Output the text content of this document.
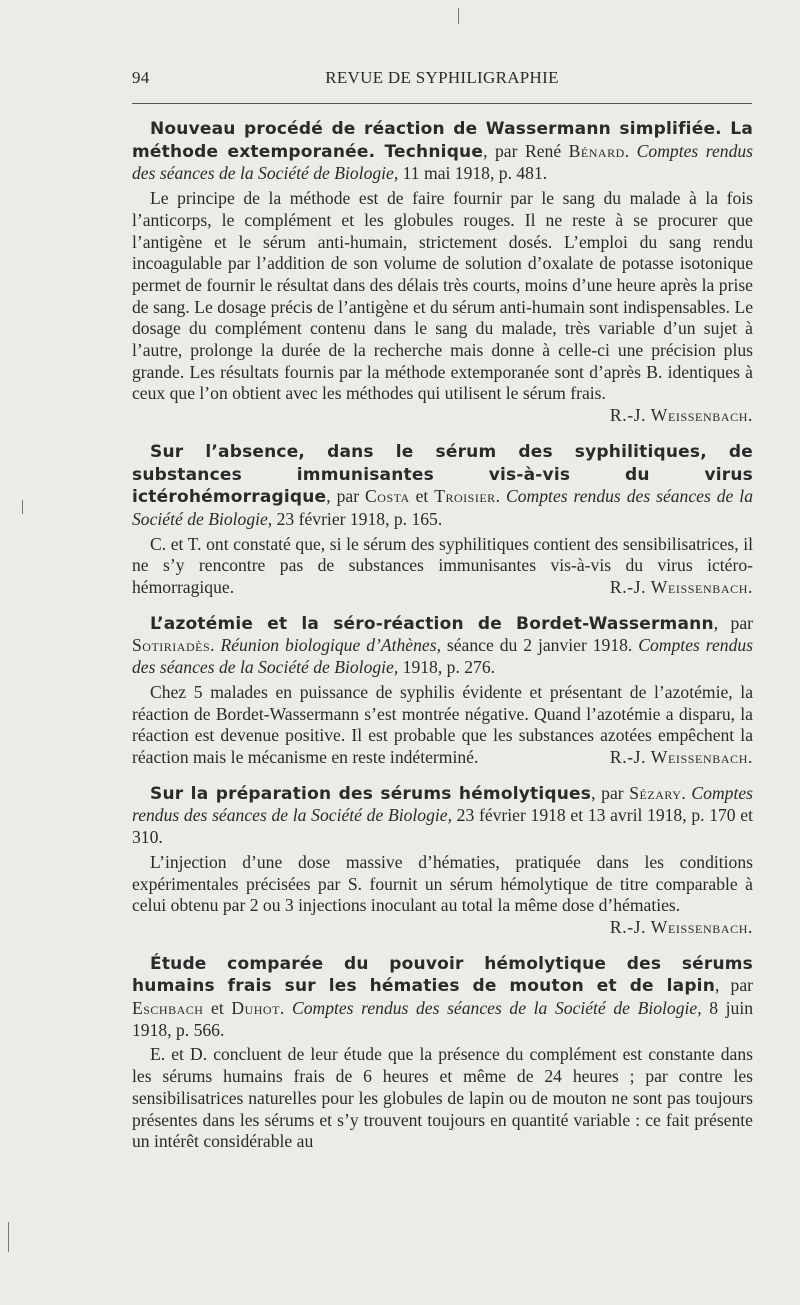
94	REVUE DE SYPHILIGRAPHIE

Nouveau procédé de réaction de Wassermann simplifiée. La méthode extemporanée. Technique, par René Bénard. Comptes rendus des séances de la Société de Biologie, 11 mai 1918, p. 481.

Le principe de la méthode est de faire fournir par le sang du malade à la fois l’anticorps, le complément et les globules rouges. Il ne reste à se procurer que l’antigène et le sérum anti-humain, strictement dosés. L’emploi du sang rendu incoagulable par l’addition de son volume de solution d’oxalate de potasse isotonique permet de fournir le résultat dans des délais très courts, moins d’une heure après la prise de sang. Le dosage précis de l’antigène et du sérum anti-humain sont indispensables. Le dosage du complément contenu dans le sang du malade, très variable d’un sujet à l’autre, prolonge la durée de la recherche mais donne à celle-ci une précision plus grande. Les résultats fournis par la méthode extemporanée sont d’après B. identiques à ceux que l’on obtient avec les méthodes qui utilisent le sérum frais.
R.-J. Weissenbach.

Sur l’absence, dans le sérum des syphilitiques, de substances immunisantes vis-à-vis du virus ictérohémorragique, par Costa et Troisier. Comptes rendus des séances de la Société de Biologie, 23 février 1918, p. 165.

C. et T. ont constaté que, si le sérum des syphilitiques contient des sensibilisatrices, il ne s’y rencontre pas de substances immunisantes vis-à-vis du virus ictéro-hémorragique.	R.-J. Weissenbach.

L’azotémie et la séro-réaction de Bordet-Wassermann, par Sotiriadès. Réunion biologique d’Athènes, séance du 2 janvier 1918. Comptes rendus des séances de la Société de Biologie, 1918, p. 276.

Chez 5 malades en puissance de syphilis évidente et présentant de l’azotémie, la réaction de Bordet-Wassermann s’est montrée négative. Quand l’azotémie a disparu, la réaction est devenue positive. Il est probable que les substances azotées empêchent la réaction mais le mécanisme en reste indéterminé.	R.-J. Weissenbach.

Sur la préparation des sérums hémolytiques, par Sézary. Comptes rendus des séances de la Société de Biologie, 23 février 1918 et 13 avril 1918, p. 170 et 310.

L’injection d’une dose massive d’hématies, pratiquée dans les conditions expérimentales précisées par S. fournit un sérum hémolytique de titre comparable à celui obtenu par 2 ou 3 injections inoculant au total la même dose d’hématies.
R.-J. Weissenbach.

Étude comparée du pouvoir hémolytique des sérums humains frais sur les hématies de mouton et de lapin, par Eschbach et Duhot. Comptes rendus des séances de la Société de Biologie, 8 juin 1918, p. 566.

E. et D. concluent de leur étude que la présence du complément est constante dans les sérums humains frais de 6 heures et même de 24 heures ; par contre les sensibilisatrices naturelles pour les globules de lapin ou de mouton ne sont pas toujours présentes dans les sérums et s’y trouvent toujours en quantité variable : ce fait présente un intérêt considérable au
